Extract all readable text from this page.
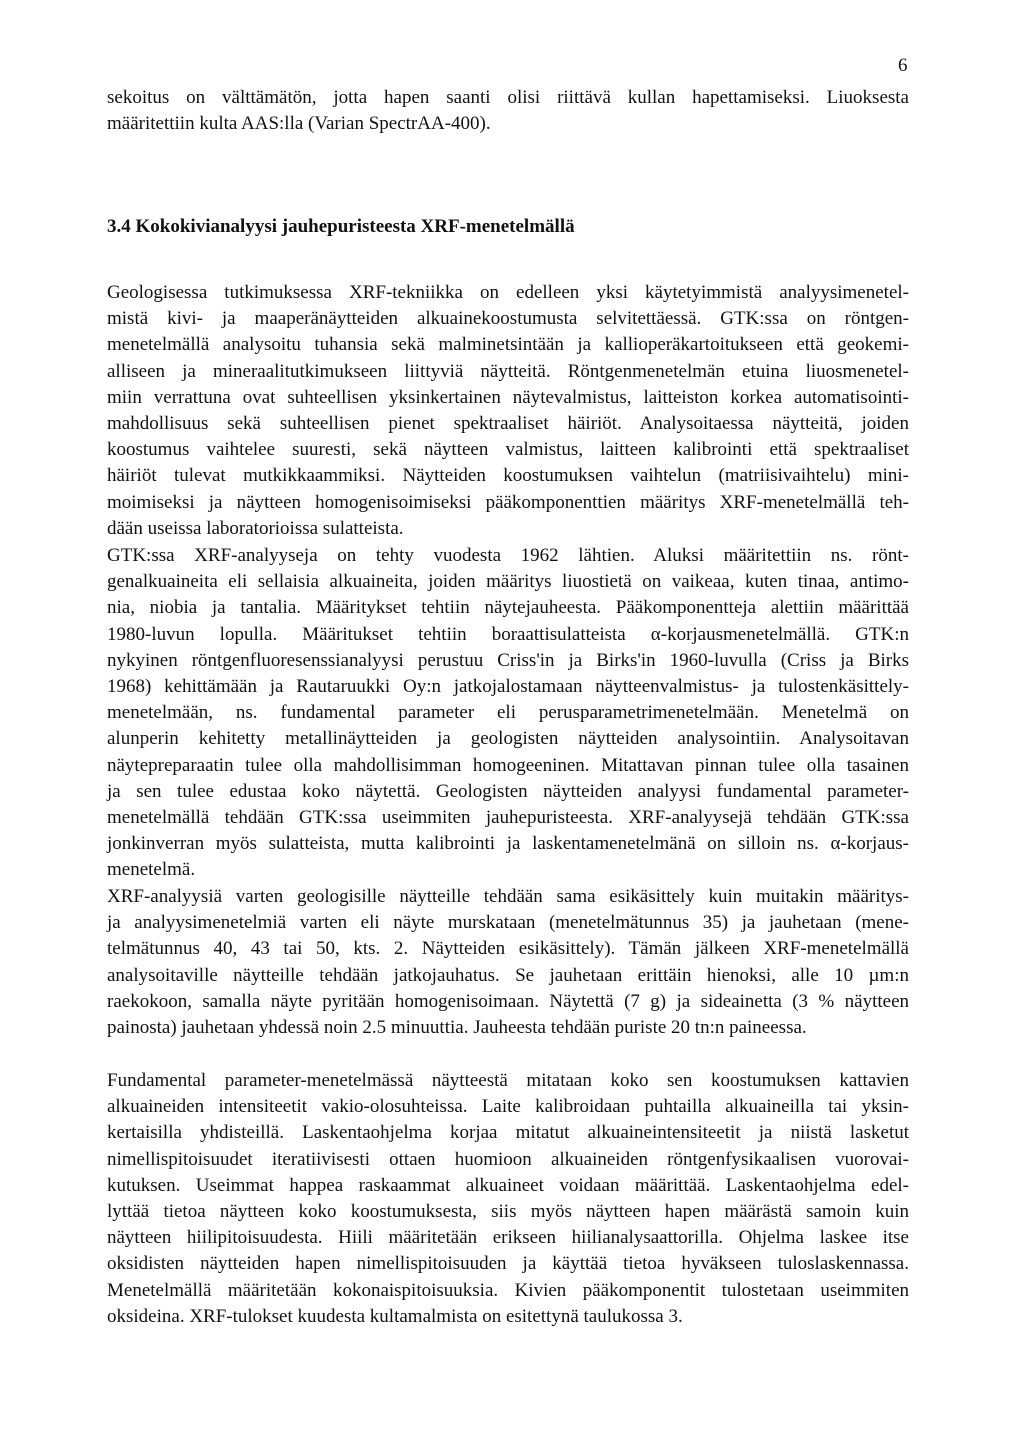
6

sekoitus on välttämätön, jotta hapen saanti olisi riittävä kullan hapettamiseksi. Liuoksesta
määritettiin kulta AAS:lla (Varian SpectrAA-400).

3.4 Kokokivianalyysi jauhepuristeesta XRF-menetelmällä

Geologisessa tutkimuksessa XRF-tekniikka on edelleen yksi käytetyimmistä analyysimenetel-
mistä kivi- ja maaperänäytteiden alkuainekoostumusta selvitettäessä. GTK:ssa on röntgen-
menetelmällä analysoitu tuhansia sekä malminetsintään ja kallioperäkartoitukseen että geokemi-
alliseen ja mineraalitutkimukseen liittyviä näytteitä. Röntgenmenetelmän etuina liuosmenetel-
miin verrattuna ovat suhteellisen yksinkertainen näytevalmistus, laitteiston korkea automatisointi-
mahdollisuus sekä suhteellisen pienet spektraaliset häiriöt. Analysoitaessa näytteitä, joiden
koostumus vaihtelee suuresti, sekä näytteen valmistus, laitteen kalibrointi että spektraaliset
häiriöt tulevat mutkikkaammiksi. Näytteiden koostumuksen vaihtelun (matriisivaihtelu) mini-
moimiseksi ja näytteen homogenisoimiseksi pääkomponenttien määritys XRF-menetelmällä teh-
dään useissa laboratorioissa sulatteista.

GTK:ssa XRF-analyyseja on tehty vuodesta 1962 lähtien. Aluksi määritettiin ns. rönt-
genalkuaineita eli sellaisia alkuaineita, joiden määritys liuostietä on vaikeaa, kuten tinaa, antimo-
nia, niobia ja tantalia. Määritykset tehtiin näytejauheesta. Pääkomponentteja alettiin määrittää
1980-luvun lopulla. Määritukset tehtiin boraattisulatteista α-korjausmenetelmällä. GTK:n
nykyinen röntgenfluoresenssianalyysi perustuu Criss'in ja Birks'in 1960-luvulla (Criss ja Birks
1968) kehittämään ja Rautaruukki Oy:n jatkojalostamaan näytteenvalmistus- ja tulostenkäsittely-
menetelmään, ns. fundamental parameter eli perusparametrimenetelmään. Menetelmä on
alunperin kehitetty metallinäytteiden ja geologisten näytteiden analysointiin. Analysoitavan
näytepreparaatin tulee olla mahdollisimman homogeeninen. Mitattavan pinnan tulee olla tasainen
ja sen tulee edustaa koko näytettä. Geologisten näytteiden analyysi fundamental parameter-
menetelmällä tehdään GTK:ssa useimmiten jauhepuristeesta. XRF-analyysejä tehdään GTK:ssa
jonkinverran myös sulatteista, mutta kalibrointi ja laskentamenetelmänä on silloin ns. α-korjaus-
menetelmä.

XRF-analyysiä varten geologisille näytteille tehdään sama esikäsittely kuin muitakin määritys-
ja analyysimenetelmiä varten eli näyte murskataan (menetelmätunnus 35) ja jauhetaan (mene-
telmätunnus 40, 43 tai 50, kts. 2. Näytteiden esikäsittely). Tämän jälkeen XRF-menetelmällä
analysoitaville näytteille tehdään jatkojauhatus. Se jauhetaan erittäin hienoksi, alle 10 µm:n
raekokoon, samalla näyte pyritään homogenisoimaan. Näytettä (7 g) ja sideainetta (3 % näytteen
painosta) jauhetaan yhdessä noin 2.5 minuuttia. Jauheesta tehdään puriste 20 tn:n paineessa.

Fundamental parameter-menetelmässä näytteestä mitataan koko sen koostumuksen kattavien
alkuaineiden intensiteetit vakio-olosuhteissa. Laite kalibroidaan puhtailla alkuaineilla tai yksin-
kertaisilla yhdisteillä. Laskentaohjelma korjaa mitatut alkuaineintensiteetit ja niistä lasketut
nimellispitoisuudet iteratiivisesti ottaen huomioon alkuaineiden röntgenfysikaalisen vuorovai-
kutuksen. Useimmat happea raskaammat alkuaineet voidaan määrittää. Laskentaohjelma edel-
lyttää tietoa näytteen koko koostumuksesta, siis myös näytteen hapen määrästä samoin kuin
näytteen hiilipitoisuudesta. Hiili määritetään erikseen hiilianalysaattorilla. Ohjelma laskee itse
oksidisten näytteiden hapen nimellispitoisuuden ja käyttää tietoa hyväkseen tuloslaskennassa.
Menetelmällä määritetään kokonaispitoisuuksia. Kivien pääkomponentit tulostetaan useimmiten
oksideina. XRF-tulokset kuudesta kultamalmista on esitettynä taulukossa 3.
